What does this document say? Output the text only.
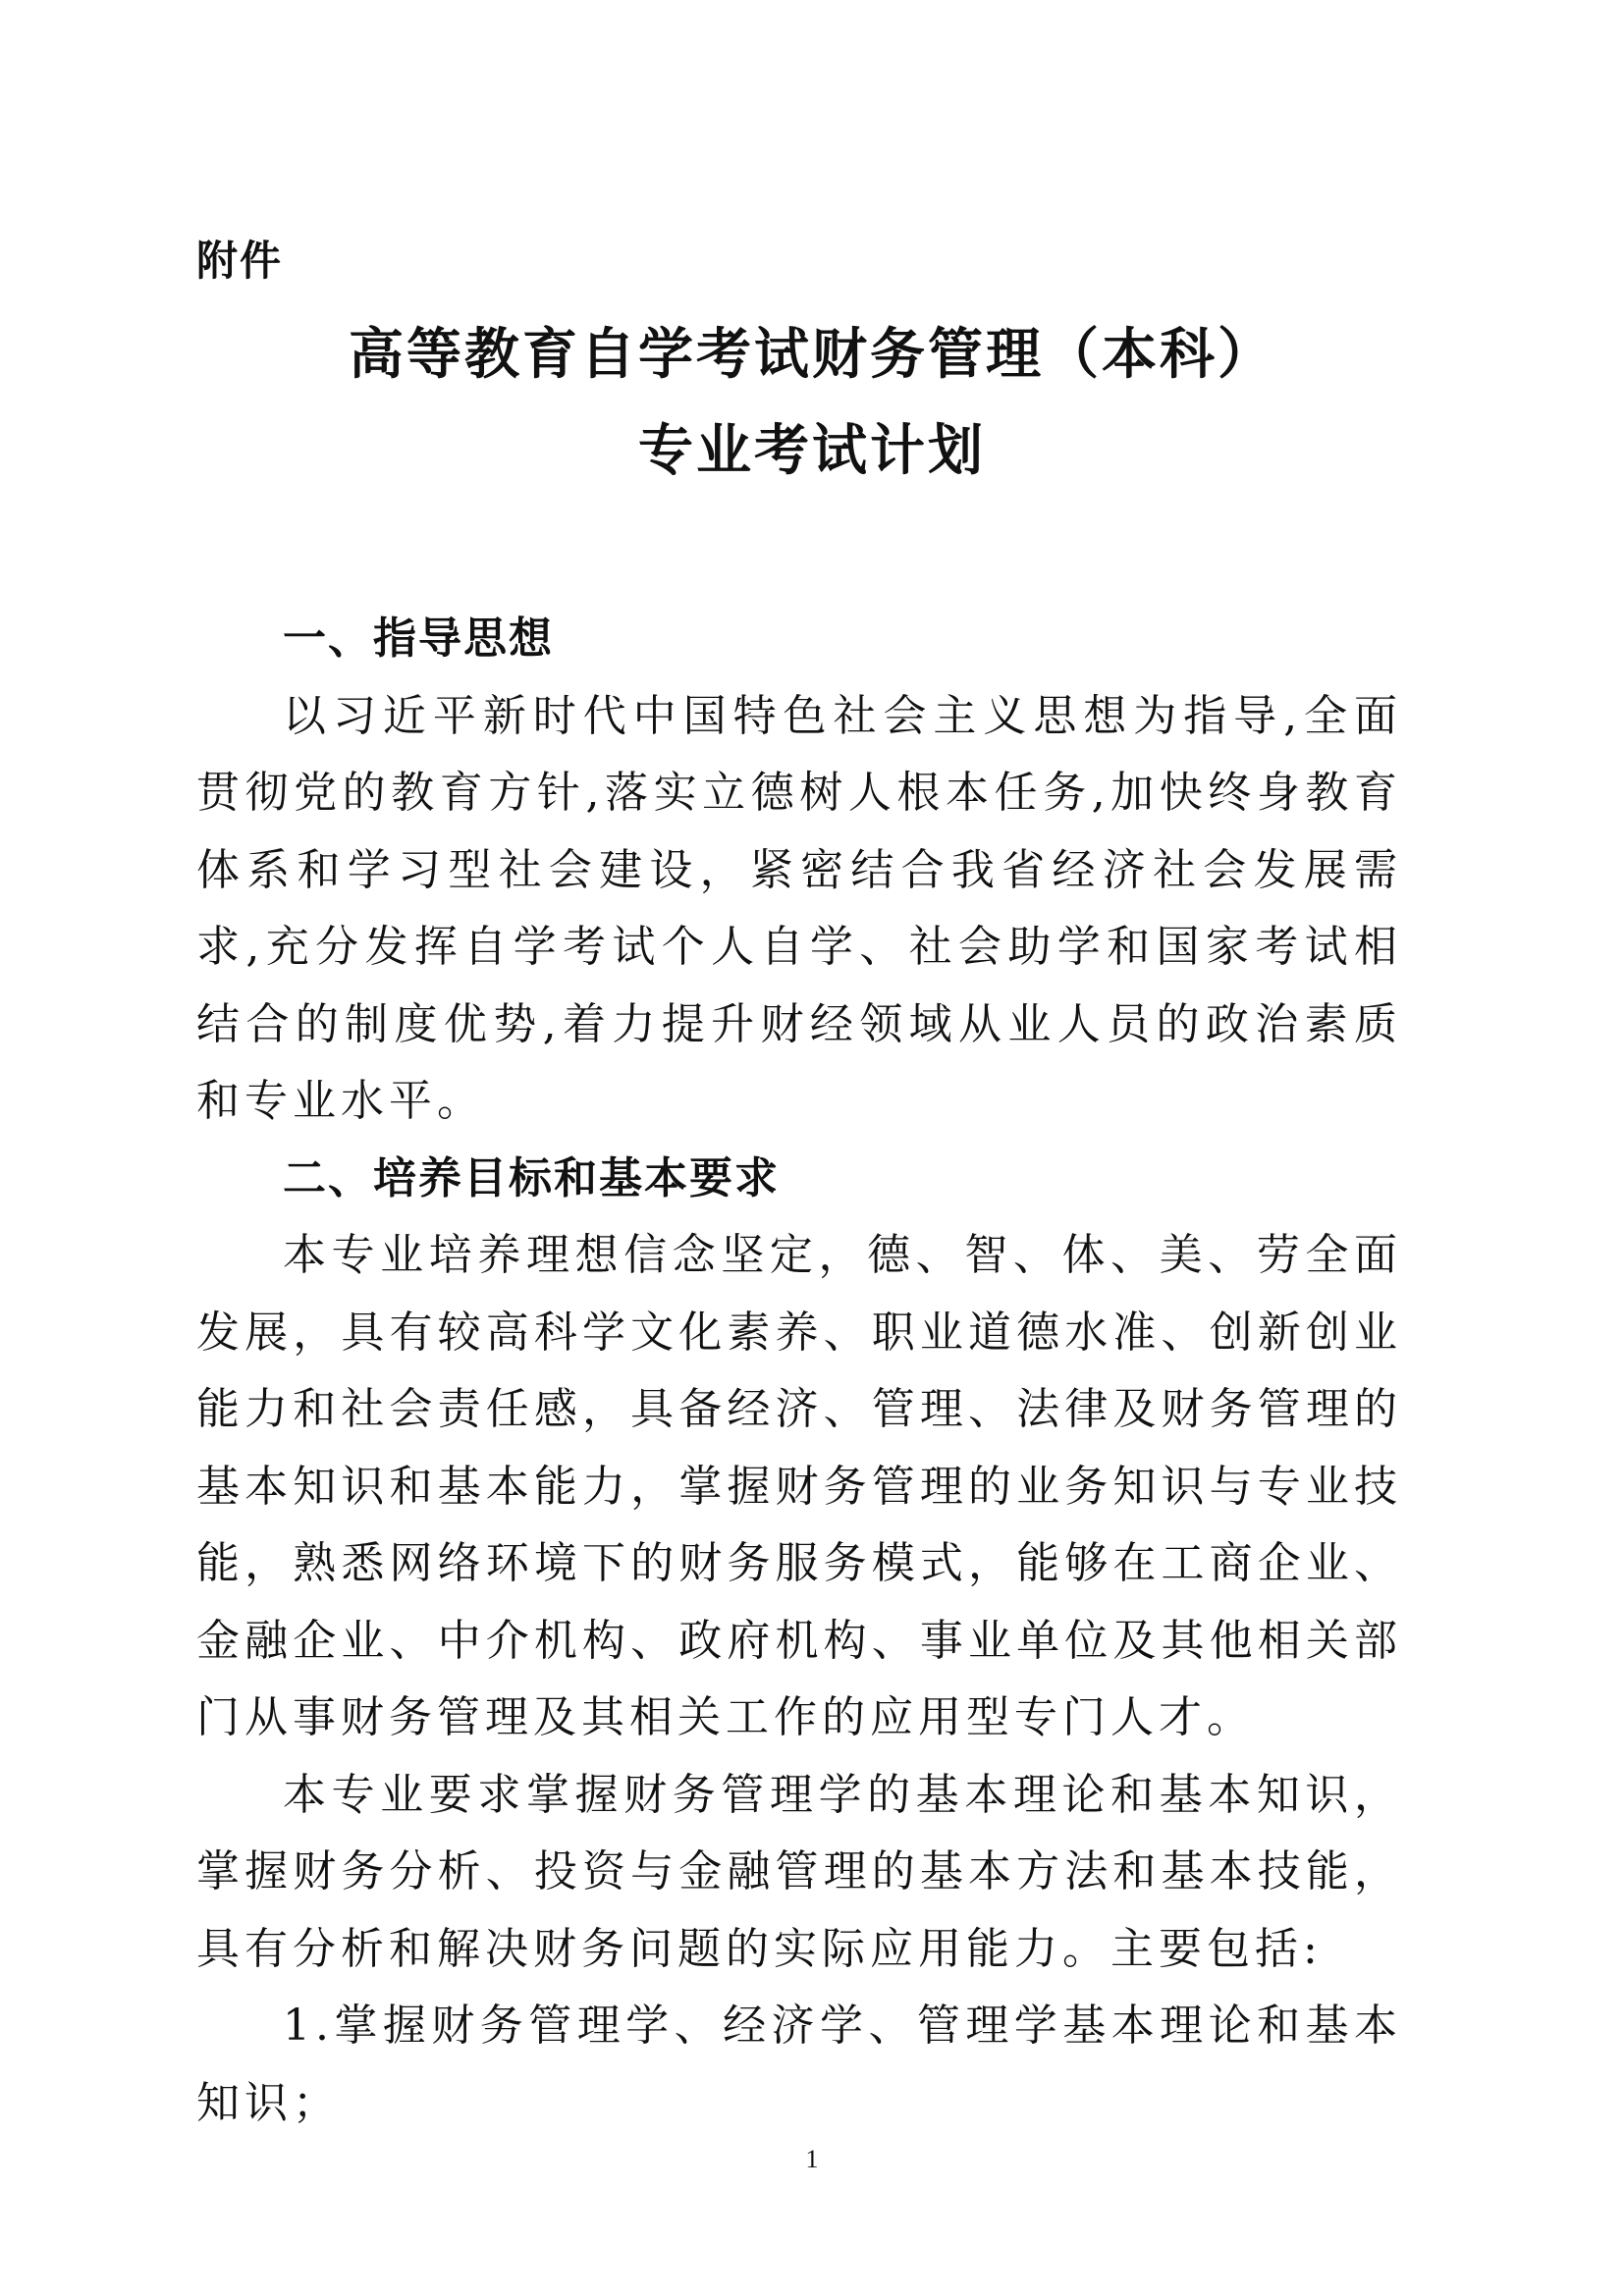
附件
高等教育自学考试财务管理（本科）
专业考试计划
一、指导思想

以习近平新时代中国特色社会主义思想为指导,全面贯彻党的教育方针,落实立德树人根本任务,加快终身教育体系和学习型社会建设，紧密结合我省经济社会发展需求,充分发挥自学考试个人自学、社会助学和国家考试相结合的制度优势,着力提升财经领域从业人员的政治素质和专业水平。

二、培养目标和基本要求

本专业培养理想信念坚定，德、智、体、美、劳全面发展，具有较高科学文化素养、职业道德水准、创新创业能力和社会责任感，具备经济、管理、法律及财务管理的基本知识和基本能力，掌握财务管理的业务知识与专业技能，熟悉网络环境下的财务服务模式，能够在工商企业、金融企业、中介机构、政府机构、事业单位及其他相关部门从事财务管理及其相关工作的应用型专门人才。

本专业要求掌握财务管理学的基本理论和基本知识，掌握财务分析、投资与金融管理的基本方法和基本技能，具有分析和解决财务问题的实际应用能力。主要包括:

1.掌握财务管理学、经济学、管理学基本理论和基本知识；

1
